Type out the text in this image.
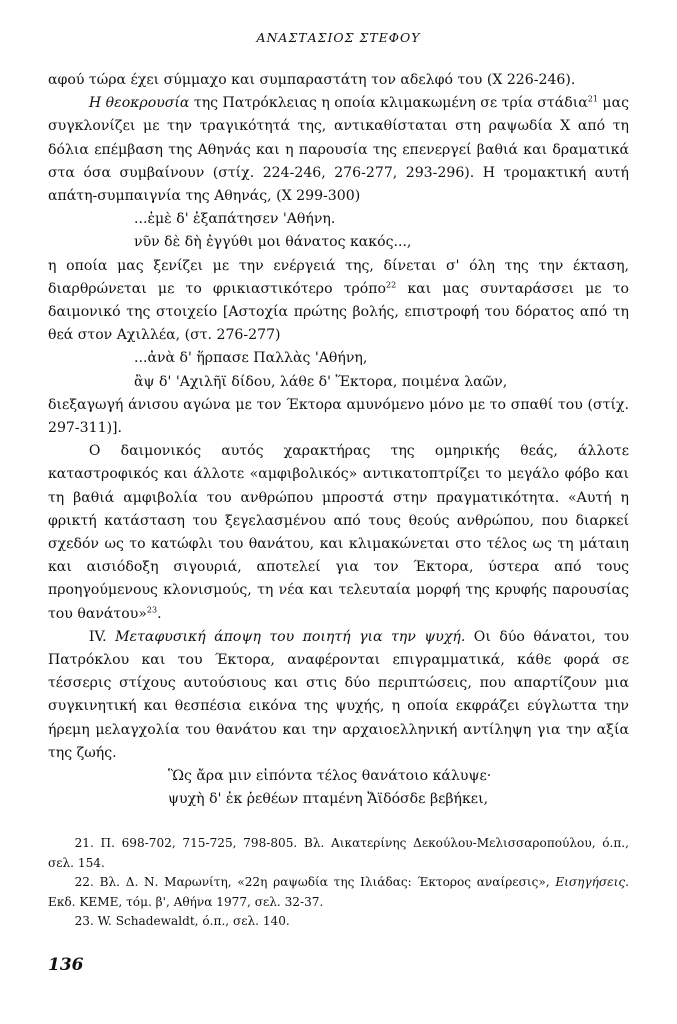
ΑΝΑΣΤΑΣΙΟΣ ΣΤΕΦΟΥ

αφού τώρα έχει σύμμαχο και συμπαραστάτη τον αδελφό του (Χ 226-246).

Η θεοκρουσία της Πατρόκλειας η οποία κλιμακωμένη σε τρία στάδια$^{21}$ μας συγκλονίζει με την τραγικότητά της, αντικαθίσταται στη ραψωδία Χ από τη δόλια επέμβαση της Αθηνάς και η παρουσία της επενεργεί βαθιά και δραματικά στα όσα συμβαίνουν (στίχ. 224-246, 276-277, 293-296). Η τρομακτική αυτή απάτη-συμπαιγνία της Αθηνάς, (Χ 299-300)

...ἐμὲ δ' ἐξαπάτησεν 'Αθήνη.

νῦν δὲ δὴ ἐγγύθι μοι θάνατος κακός...,

η οποία μας ξενίζει με την ενέργειά της, δίνεται σ' όλη της την έκταση, διαρθρώνεται με το φρικιαστικότερο τρόπο$^{22}$ και μας συνταράσσει με το δαιμονικό της στοιχείο [Αστοχία πρώτης βολής, επιστροφή του δόρατος από τη θεά στον Αχιλλέα, (στ. 276-277)

...ἀνὰ δ' ἥρπασε Παλλὰς 'Αθήνη,

ἂψ δ' 'Αχιλῆϊ δίδου, λάθε δ' Ἕκτορα, ποιμένα λαῶν,

διεξαγωγή άνισου αγώνα με τον Έκτορα αμυνόμενο μόνο με το σπαθί του (στίχ. 297-311)].

Ο δαιμονικός αυτός χαρακτήρας της ομηρικής θεάς, άλλοτε καταστροφικός και άλλοτε «αμφιβολικός» αντικατοπτρίζει το μεγάλο φόβο και τη βαθιά αμφιβολία του ανθρώπου μπροστά στην πραγματικότητα. «Αυτή η φρικτή κατάσταση του ξεγελασμένου από τους θεούς ανθρώπου, που διαρκεί σχεδόν ως το κατώφλι του θανάτου, και κλιμακώνεται στο τέλος ως τη μάταιη και αισιόδοξη σιγουριά, αποτελεί για τον Έκτορα, ύστερα από τους προηγούμενους κλονισμούς, τη νέα και τελευταία μορφή της κρυφής παρουσίας του θανάτου»$^{23}$.

IV. Μεταφυσική άποψη του ποιητή για την ψυχή. Οι δύο θάνατοι, του Πατρόκλου και του Έκτορα, αναφέρονται επιγραμματικά, κάθε φορά σε τέσσερις στίχους αυτούσιους και στις δύο περιπτώσεις, που απαρτίζουν μια συγκινητική και θεσπέσια εικόνα της ψυχής, η οποία εκφράζει εύγλωττα την ήρεμη μελαγχολία του θανάτου και την αρχαιοελληνική αντίληψη για την αξία της ζωής.

Ὣς ἄρα μιν εἰπόντα τέλος θανάτοιο κάλυψε·

ψυχὴ δ' ἐκ ῥεθέων πταμένη Ἄϊδόσδε βεβήκει,

21. Π. 698-702, 715-725, 798-805. Βλ. Αικατερίνης Δεκούλου-Μελισσαροπούλου, ό.π., σελ. 154.

22. Βλ. Δ. Ν. Μαρωνίτη, «22η ραψωδία της Ιλιάδας: Έκτορος αναίρεσις», Εισηγήσεις. Εκδ. ΚΕΜΕ, τόμ. β', Αθήνα 1977, σελ. 32-37.

23. W. Schadewaldt, ό.π., σελ. 140.

136
